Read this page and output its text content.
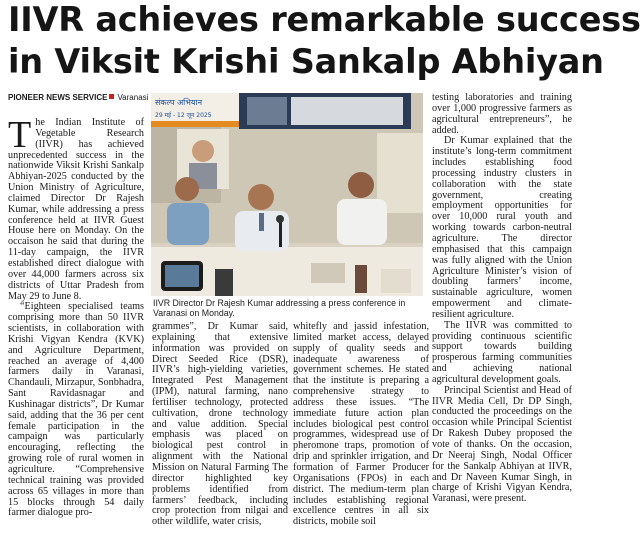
IIVR achieves remarkable success
in Viksit Krishi Sankalp Abhiyan
PIONEER NEWS SERVICE Varanasi

The Indian Institute of Vegetable Research (IIVR) has achieved unprecedented success in the nationwide Viksit Krishi Sankalp Abhiyan-2025 conducted by the Union Ministry of Agriculture, claimed Director Dr Rajesh Kumar, while addressing a press conference held at IIVR Guest House here on Monday. On the occaison he said that during the 11-day campaign, the IIVR established direct dialogue with over 44,000 farmers across six districts of Uttar Pradesh from May 29 to June 8.

“Eighteen specialised teams comprising more than 50 IIVR scientists, in collaboration with Krishi Vigyan Kendra (KVK) and Agriculture Department, reached an average of 4,400 farmers daily in Varanasi, Chandauli, Mirzapur, Sonbhadra, Sant Ravidasnagar and Kushinagar districts”, Dr Kumar said, adding that the 36 per cent female participation in the campaign was particularly encouraging, reflecting the growing role of rural women in agriculture. “Comprehensive technical training was provided across 65 villages in more than 15 blocks through 54 daily farmer dialogue pro-

संकल्प अभियान
29 मई - 12 जून 2025
IIVR Director Dr Rajesh Kumar addressing a press conference in Varanasi on Monday.

grammes”, Dr Kumar said, explaining that extensive information was provided on Direct Seeded Rice (DSR), IIVR’s high-yielding varieties, Integrated Pest Management (IPM), natural farming, nano fertiliser technology, protected cultivation, drone technology and value addition. Special emphasis was placed on biological pest control in alignment with the National Mission on Natural Farming The director highlighted key problems identified from farmers’ feedback, including crop protection from nilgai and other wildlife, water crisis,

whitefly and jassid infestation, limited market access, delayed supply of quality seeds and inadequate awareness of government schemes. He stated that the institute is preparing a comprehensive strategy to address these issues. “The immediate future action plan includes biological pest control programmes, widespread use of pheromone traps, promotion of drip and sprinkler irrigation, and formation of Farmer Producer Organisations (FPOs) in each district. The medium-term plan includes establishing regional excellence centres in all six districts, mobile soil

testing laboratories and training over 1,000 progressive farmers as agricultural entrepreneurs”, he added.

Dr Kumar explained that the institute’s long-term commitment includes establishing food processing industry clusters in collaboration with the state government, creating employment opportunities for over 10,000 rural youth and working towards carbon-neutral agriculture. The director emphasised that this campaign was fully aligned with the Union Agriculture Minister’s vision of doubling farmers’ income, sustainable agriculture, women empowerment and climate-resilient agriculture.

The IIVR was committed to providing continuous scientific support towards building prosperous farming communities and achieving national agricultural development goals.

Principal Scientist and Head of IIVR Media Cell, Dr DP Singh, conducted the proceedings on the occasion while Principal Scientist Dr Rakesh Dubey proposed the vote of thanks. On the occasion, Dr Neeraj Singh, Nodal Officer for the Sankalp Abhiyan at IIVR, and Dr Naveen Kumar Singh, in charge of Krishi Vigyan Kendra, Varanasi, were present.
